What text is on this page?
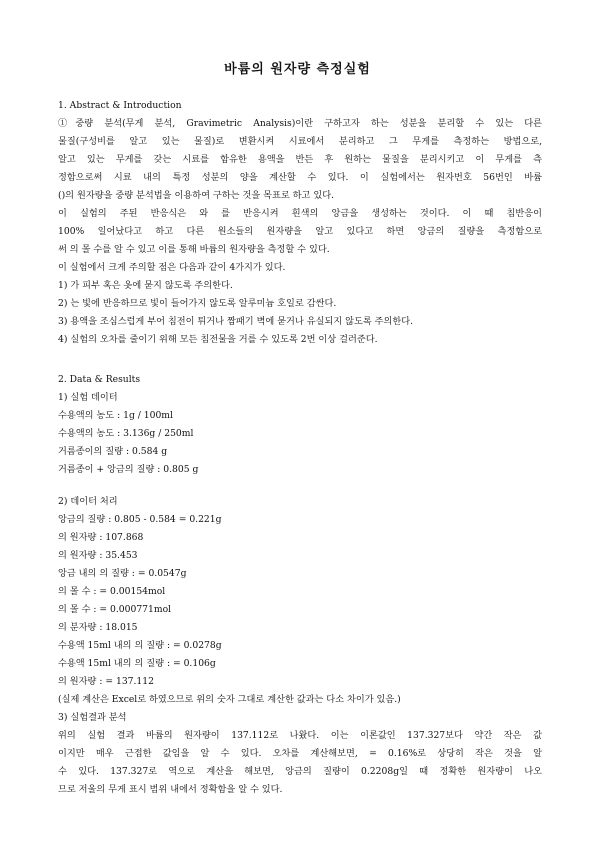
바륨의 원자량 측정실험
1. Abstract & Introduction
①중량 분석(무게 분석, Gravimetric Analysis)이란 구하고자 하는 성분을 분리할 수 있는 다른
물질(구성비를 알고 있는 물질)로 변환시켜 시료에서 분리하고 그 무게를 측정하는 방법으로,
알고 있는 무게를 갖는 시료를 함유한 용액을 반든 후 원하는 물질을 분리시키고 이 무게를 측
정함으로써 시료 내의 특정 성분의 양을 계산할 수 있다. 이 실험에서는 원자번호 56번인 바륨
()의 원자량을 중량 분석법을 이용하여 구하는 것을 목표로 하고 있다.
이 실험의 주된 반응식은 와 를 반응시켜 흰색의 앙금을 생성하는 것이다. 이 때 침반응이
100% 일어났다고 하고 다른 원소들의 원자량을 알고 있다고 하면 앙금의 질량을 측정함으로
써 의 몰 수를 알 수 있고 이를 통해 바륨의 원자량을 측정할 수 있다.
이 실험에서 크게 주의할 점은 다음과 같이 4가지가 있다.
1) 가 피부 혹은 옷에 묻지 않도록 주의한다.
2) 는 빛에 반응하므로 빛이 들어가지 않도록 알루미늄 호일로 감싼다.
3) 용액을 조심스럽게 부어 침전이 튀거나 짬패기 벽에 묻거나 유실되지 않도록 주의한다.
4) 실험의 오차를 줄이기 위해 모든 침전물을 거를 수 있도록 2번 이상 걸러준다.
2. Data & Results
1) 실험 데이터
수용액의 농도 : 1g / 100ml
수용액의 농도 : 3.136g / 250ml
거름종이의 질량 : 0.584 g
거름종이 + 앙금의 질량 : 0.805 g
2) 데이터 처리
앙금의 질량 : 0.805 - 0.584 = 0.221g
의 원자량 : 107.868
의 원자량 : 35.453
앙금 내의 의 질량 : = 0.0547g
의 몰 수 : = 0.00154mol
의 몰 수 : = 0.000771mol
의 분자량 : 18.015
수용액 15ml 내의 의 질량 : = 0.0278g
수용액 15ml 내의 의 질량 : = 0.106g
의 원자량 : = 137.112
(실제 계산은 Excel로 하였으므로 위의 숫자 그대로 계산한 값과는 다소 차이가 있음.)
3) 실험결과 분석
위의 실험 결과 바륨의 원자량이 137.112로 나왔다. 이는 이론값인 137.327보다 약간 작은 값
이지만 매우 근접한 값임을 알 수 있다. 오차를 계산해보면, = 0.16%로 상당히 작은 것을 알
수 있다. 137.327로 역으로 계산을 해보면, 앙금의 질량이 0.2208g일 때 정확한 원자량이 나오
므로 저울의 무게 표시 범위 내에서 정확함을 알 수 있다.
